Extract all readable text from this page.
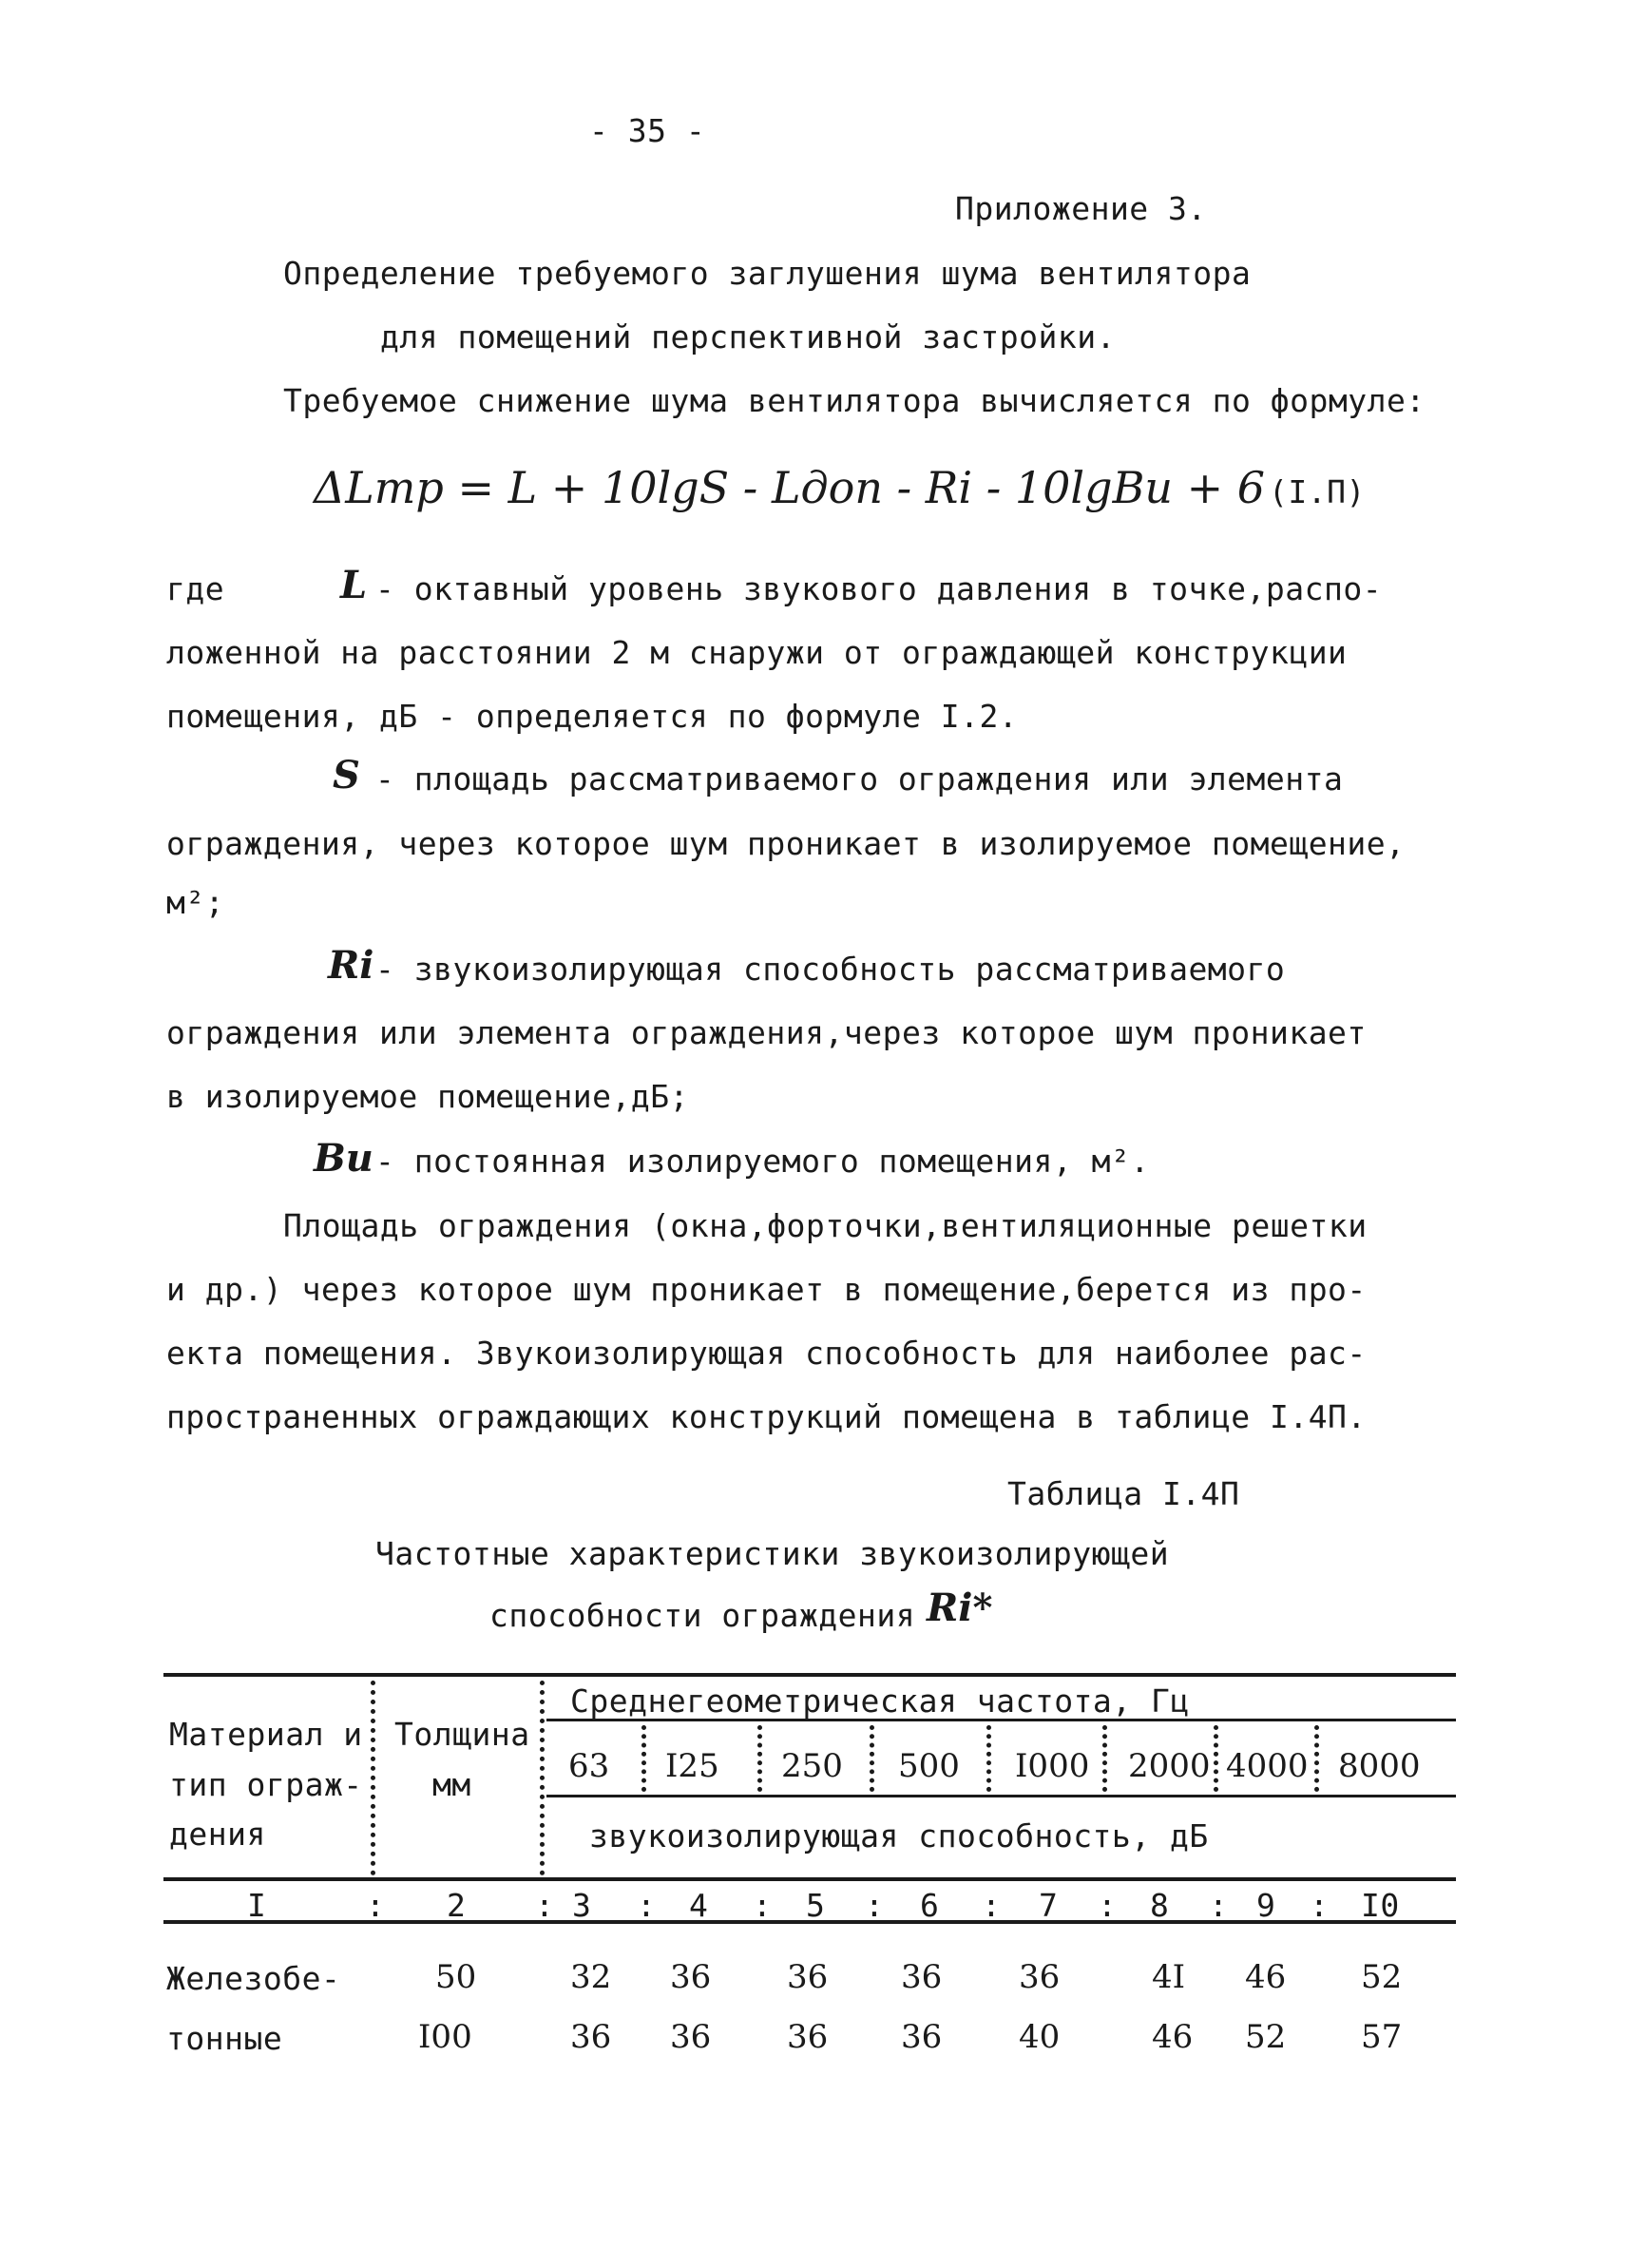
- 35 -
Приложение 3.
Определение требуемого заглушения шума вентилятора
для помещений перспективной застройки.
Требуемое снижение шума вентилятора вычисляется по формуле:
ΔLтр = L + 10lgS - Lдоп - Ri - 10lgBи + 6 (I.П)
где	L - октавный уровень звукового давления в точке,распо-
ложенной на расстоянии 2 м снаружи от ограждающей конструкции
помещения, дБ - определяется по формуле I.2.
S - площадь рассматриваемого ограждения или элемента
ограждения, через которое шум проникает в изолируемое помещение,
м²;
Ri - звукоизолирующая способность рассматриваемого
ограждения или элемента ограждения,через которое шум проникает
в изолируемое помещение,дБ;
Bи - постоянная изолируемого помещения, м².
Площадь ограждения (окна,форточки,вентиляционные решетки
и др.) через которое шум проникает в помещение,берется из про-
екта помещения. Звукоизолирующая способность для наиболее рас-
пространенных ограждающих конструкций помещена в таблице I.4П.
Таблица I.4П
Частотные характеристики звукоизолирующей
способности ограждения Ri*
Материал и
тип ограж-
дения
Толщина
мм
Среднегеометрическая частота, Гц
63 I25 250 500 I000 2000 4000 8000
звукоизолирующая способность, дБ
I	2	3	4	5	6	7	8	9	I0
:	:	:	:	:	:	:	:	:
Железобе-	50	32 36 36 36 36	4I 46 52
тонные	I00	36 36 36 36 40	46 52 57
